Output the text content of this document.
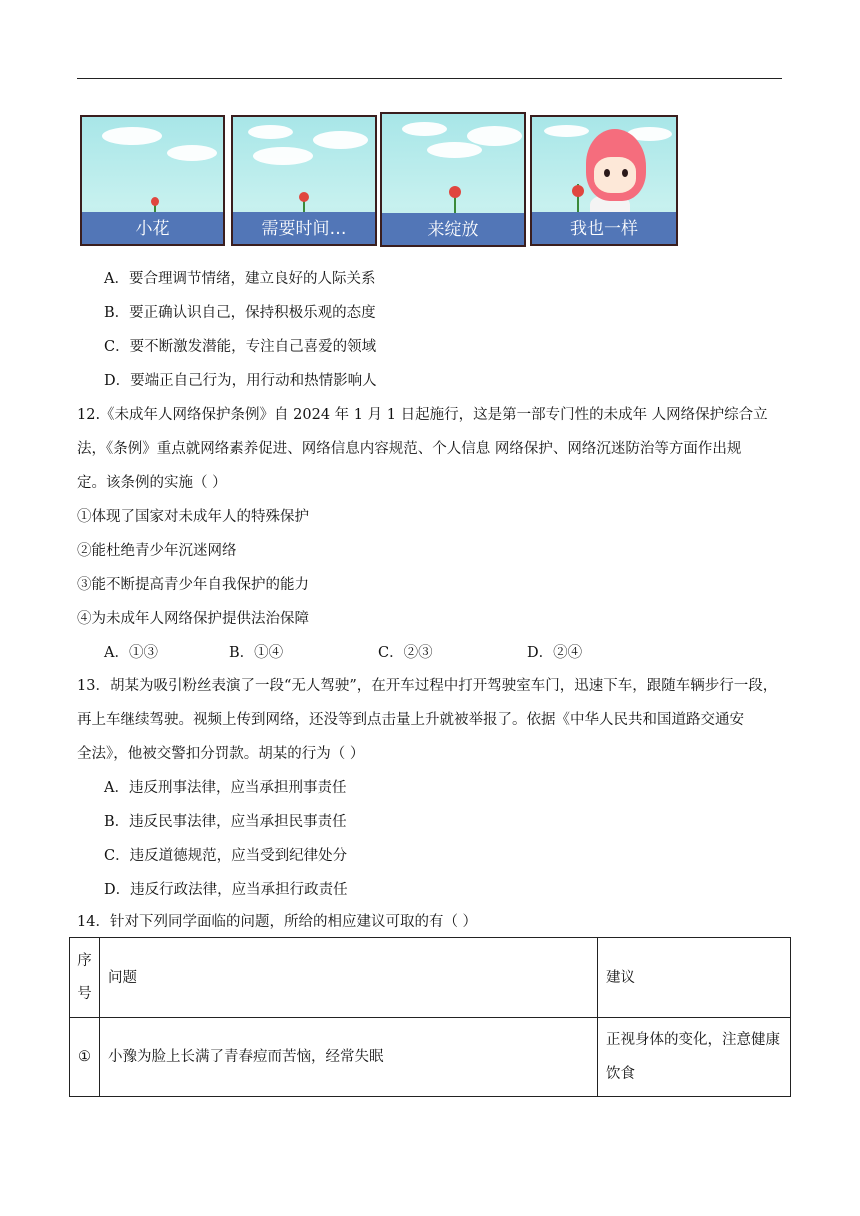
小花	需要时间…	来绽放	我也一样
A．要合理调节情绪，建立良好的人际关系
B．要正确认识自己，保持积极乐观的态度
C．要不断激发潜能，专注自己喜爱的领域
D．要端正自己行为，用行动和热情影响人
12.《未成年人网络保护条例》自 2024 年 1 月 1 日起施行，这是第一部专门性的未成年 人网络保护综合立
法，《条例》重点就网络素养促进、网络信息内容规范、个人信息 网络保护、网络沉迷防治等方面作出规
定。该条例的实施（ ）
①体现了国家对未成年人的特殊保护
②能杜绝青少年沉迷网络
③能不断提高青少年自我保护的能力
④为未成年人网络保护提供法治保障
A．①③	B．①④	C．②③	D．②④
13．胡某为吸引粉丝表演了一段“无人驾驶”，在开车过程中打开驾驶室车门，迅速下车，跟随车辆步行一段，
再上车继续驾驶。视频上传到网络，还没等到点击量上升就被举报了。依据《中华人民共和国道路交通安
全法》，他被交警扣分罚款。胡某的行为（ ）
A．违反刑事法律，应当承担刑事责任
B．违反民事法律，应当承担民事责任
C．违反道德规范，应当受到纪律处分
D．违反行政法律，应当承担行政责任
14．针对下列同学面临的问题，所给的相应建议可取的有（ ）
序号	问题	建议
①	小豫为脸上长满了青春痘而苦恼，经常失眠	正视身体的变化，注意健康饮食
